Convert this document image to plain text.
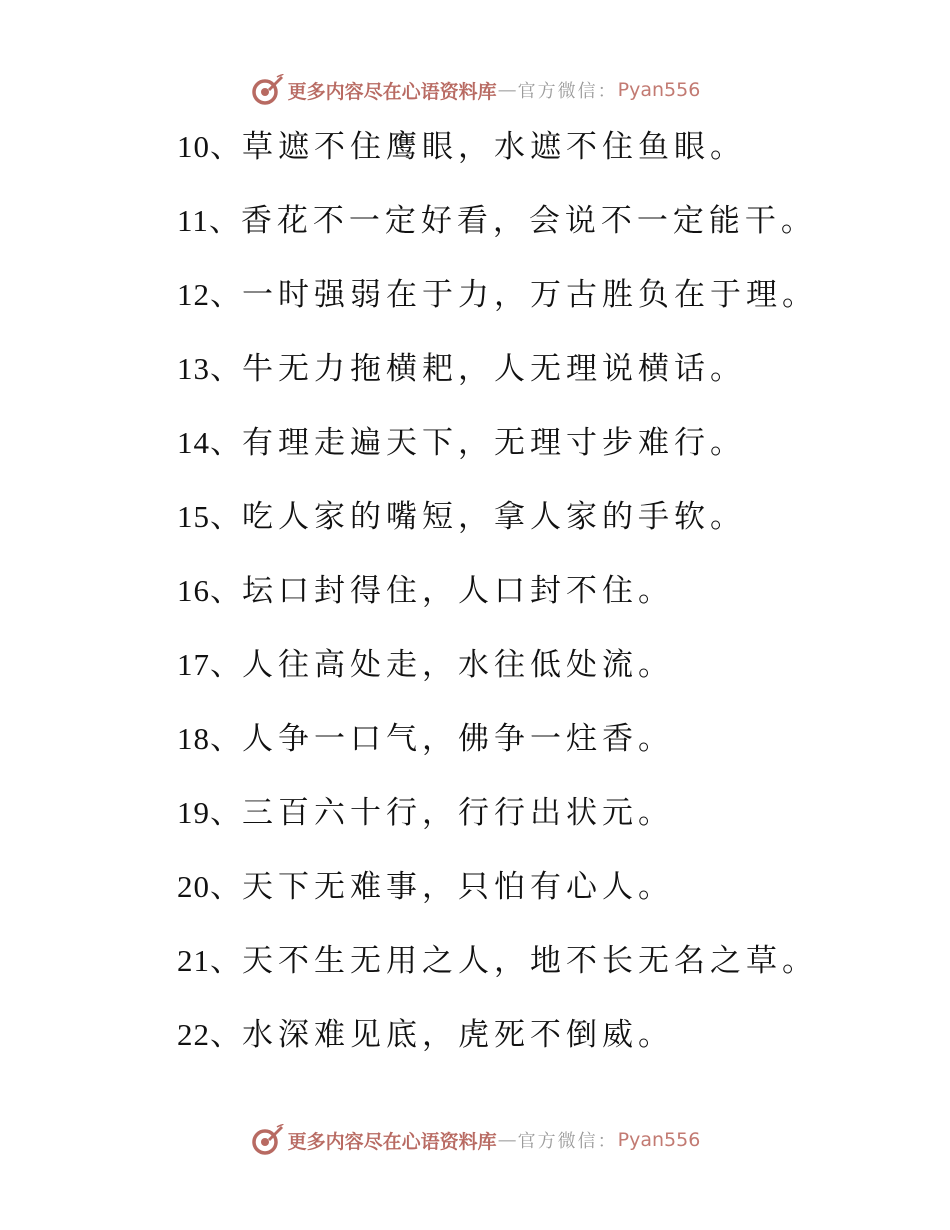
更多内容尽在心语资料库 — 官方微信： Pyan556
10、草遮不住鹰眼，水遮不住鱼眼。
11、香花不一定好看，会说不一定能干。
12、一时强弱在于力，万古胜负在于理。
13、牛无力拖横耙，人无理说横话。
14、有理走遍天下，无理寸步难行。
15、吃人家的嘴短，拿人家的手软。
16、坛口封得住，人口封不住。
17、人往高处走，水往低处流。
18、人争一口气，佛争一炷香。
19、三百六十行，行行出状元。
20、天下无难事，只怕有心人。
21、天不生无用之人，地不长无名之草。
22、水深难见底，虎死不倒威。
更多内容尽在心语资料库 — 官方微信： Pyan556
